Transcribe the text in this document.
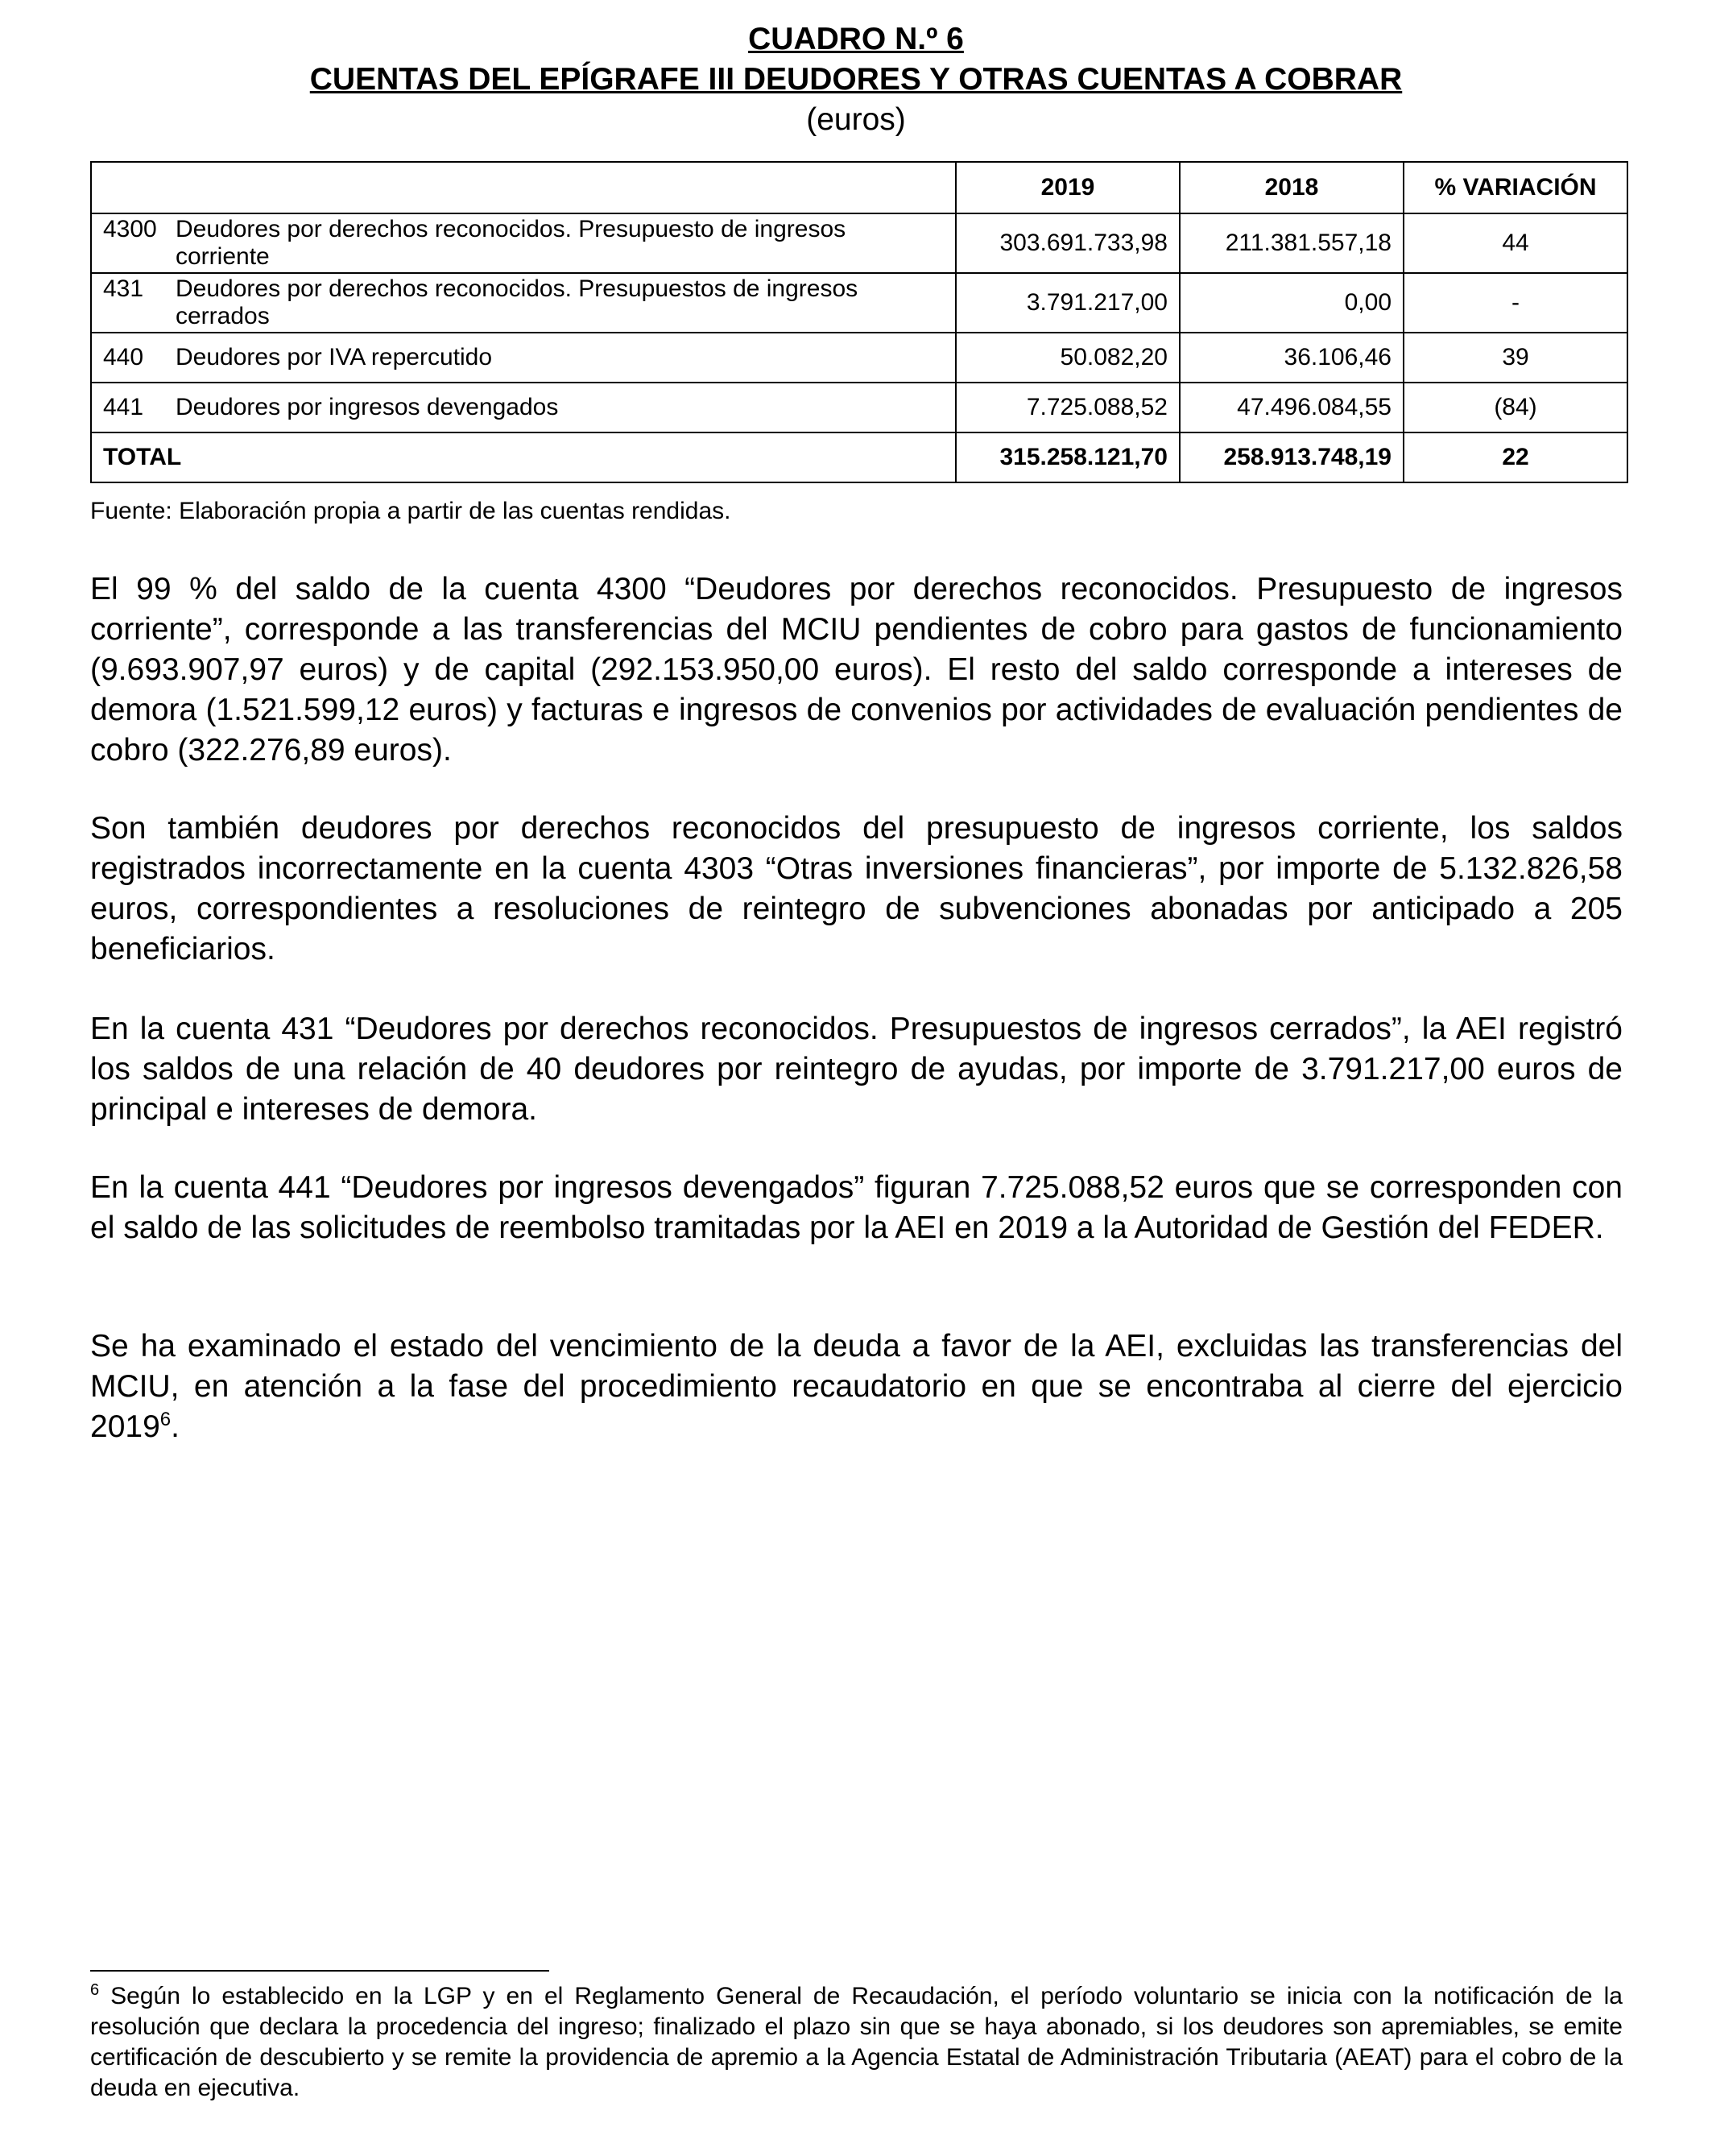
CUADRO N.º 6

CUENTAS DEL EPÍGRAFE III DEUDORES Y OTRAS CUENTAS A COBRAR

(euros)

	2019	2018	% VARIACIÓN
4300 Deudores por derechos reconocidos. Presupuesto de ingresos corriente	303.691.733,98	211.381.557,18	44
431 Deudores por derechos reconocidos. Presupuestos de ingresos cerrados	3.791.217,00	0,00	-
440 Deudores por IVA repercutido	50.082,20	36.106,46	39
441 Deudores por ingresos devengados	7.725.088,52	47.496.084,55	(84)
TOTAL	315.258.121,70	258.913.748,19	22

Fuente: Elaboración propia a partir de las cuentas rendidas.

El 99 % del saldo de la cuenta 4300 “Deudores por derechos reconocidos. Presupuesto de ingresos corriente”, corresponde a las transferencias del MCIU pendientes de cobro para gastos de funcionamiento (9.693.907,97 euros) y de capital (292.153.950,00 euros). El resto del saldo corresponde a intereses de demora (1.521.599,12 euros) y facturas e ingresos de convenios por actividades de evaluación pendientes de cobro (322.276,89 euros).

Son también deudores por derechos reconocidos del presupuesto de ingresos corriente, los saldos registrados incorrectamente en la cuenta 4303 “Otras inversiones financieras”, por importe de 5.132.826,58 euros, correspondientes a resoluciones de reintegro de subvenciones abonadas por anticipado a 205 beneficiarios.

En la cuenta 431 “Deudores por derechos reconocidos. Presupuestos de ingresos cerrados”, la AEI registró los saldos de una relación de 40 deudores por reintegro de ayudas, por importe de 3.791.217,00 euros de principal e intereses de demora.

En la cuenta 441 “Deudores por ingresos devengados” figuran 7.725.088,52 euros que se corresponden con el saldo de las solicitudes de reembolso tramitadas por la AEI en 2019 a la Autoridad de Gestión del FEDER.

Se ha examinado el estado del vencimiento de la deuda a favor de la AEI, excluidas las transferencias del MCIU, en atención a la fase del procedimiento recaudatorio en que se encontraba al cierre del ejercicio 2019$^6$.

$^6$ Según lo establecido en la LGP y en el Reglamento General de Recaudación, el período voluntario se inicia con la notificación de la resolución que declara la procedencia del ingreso; finalizado el plazo sin que se haya abonado, si los deudores son apremiables, se emite certificación de descubierto y se remite la providencia de apremio a la Agencia Estatal de Administración Tributaria (AEAT) para el cobro de la deuda en ejecutiva.
